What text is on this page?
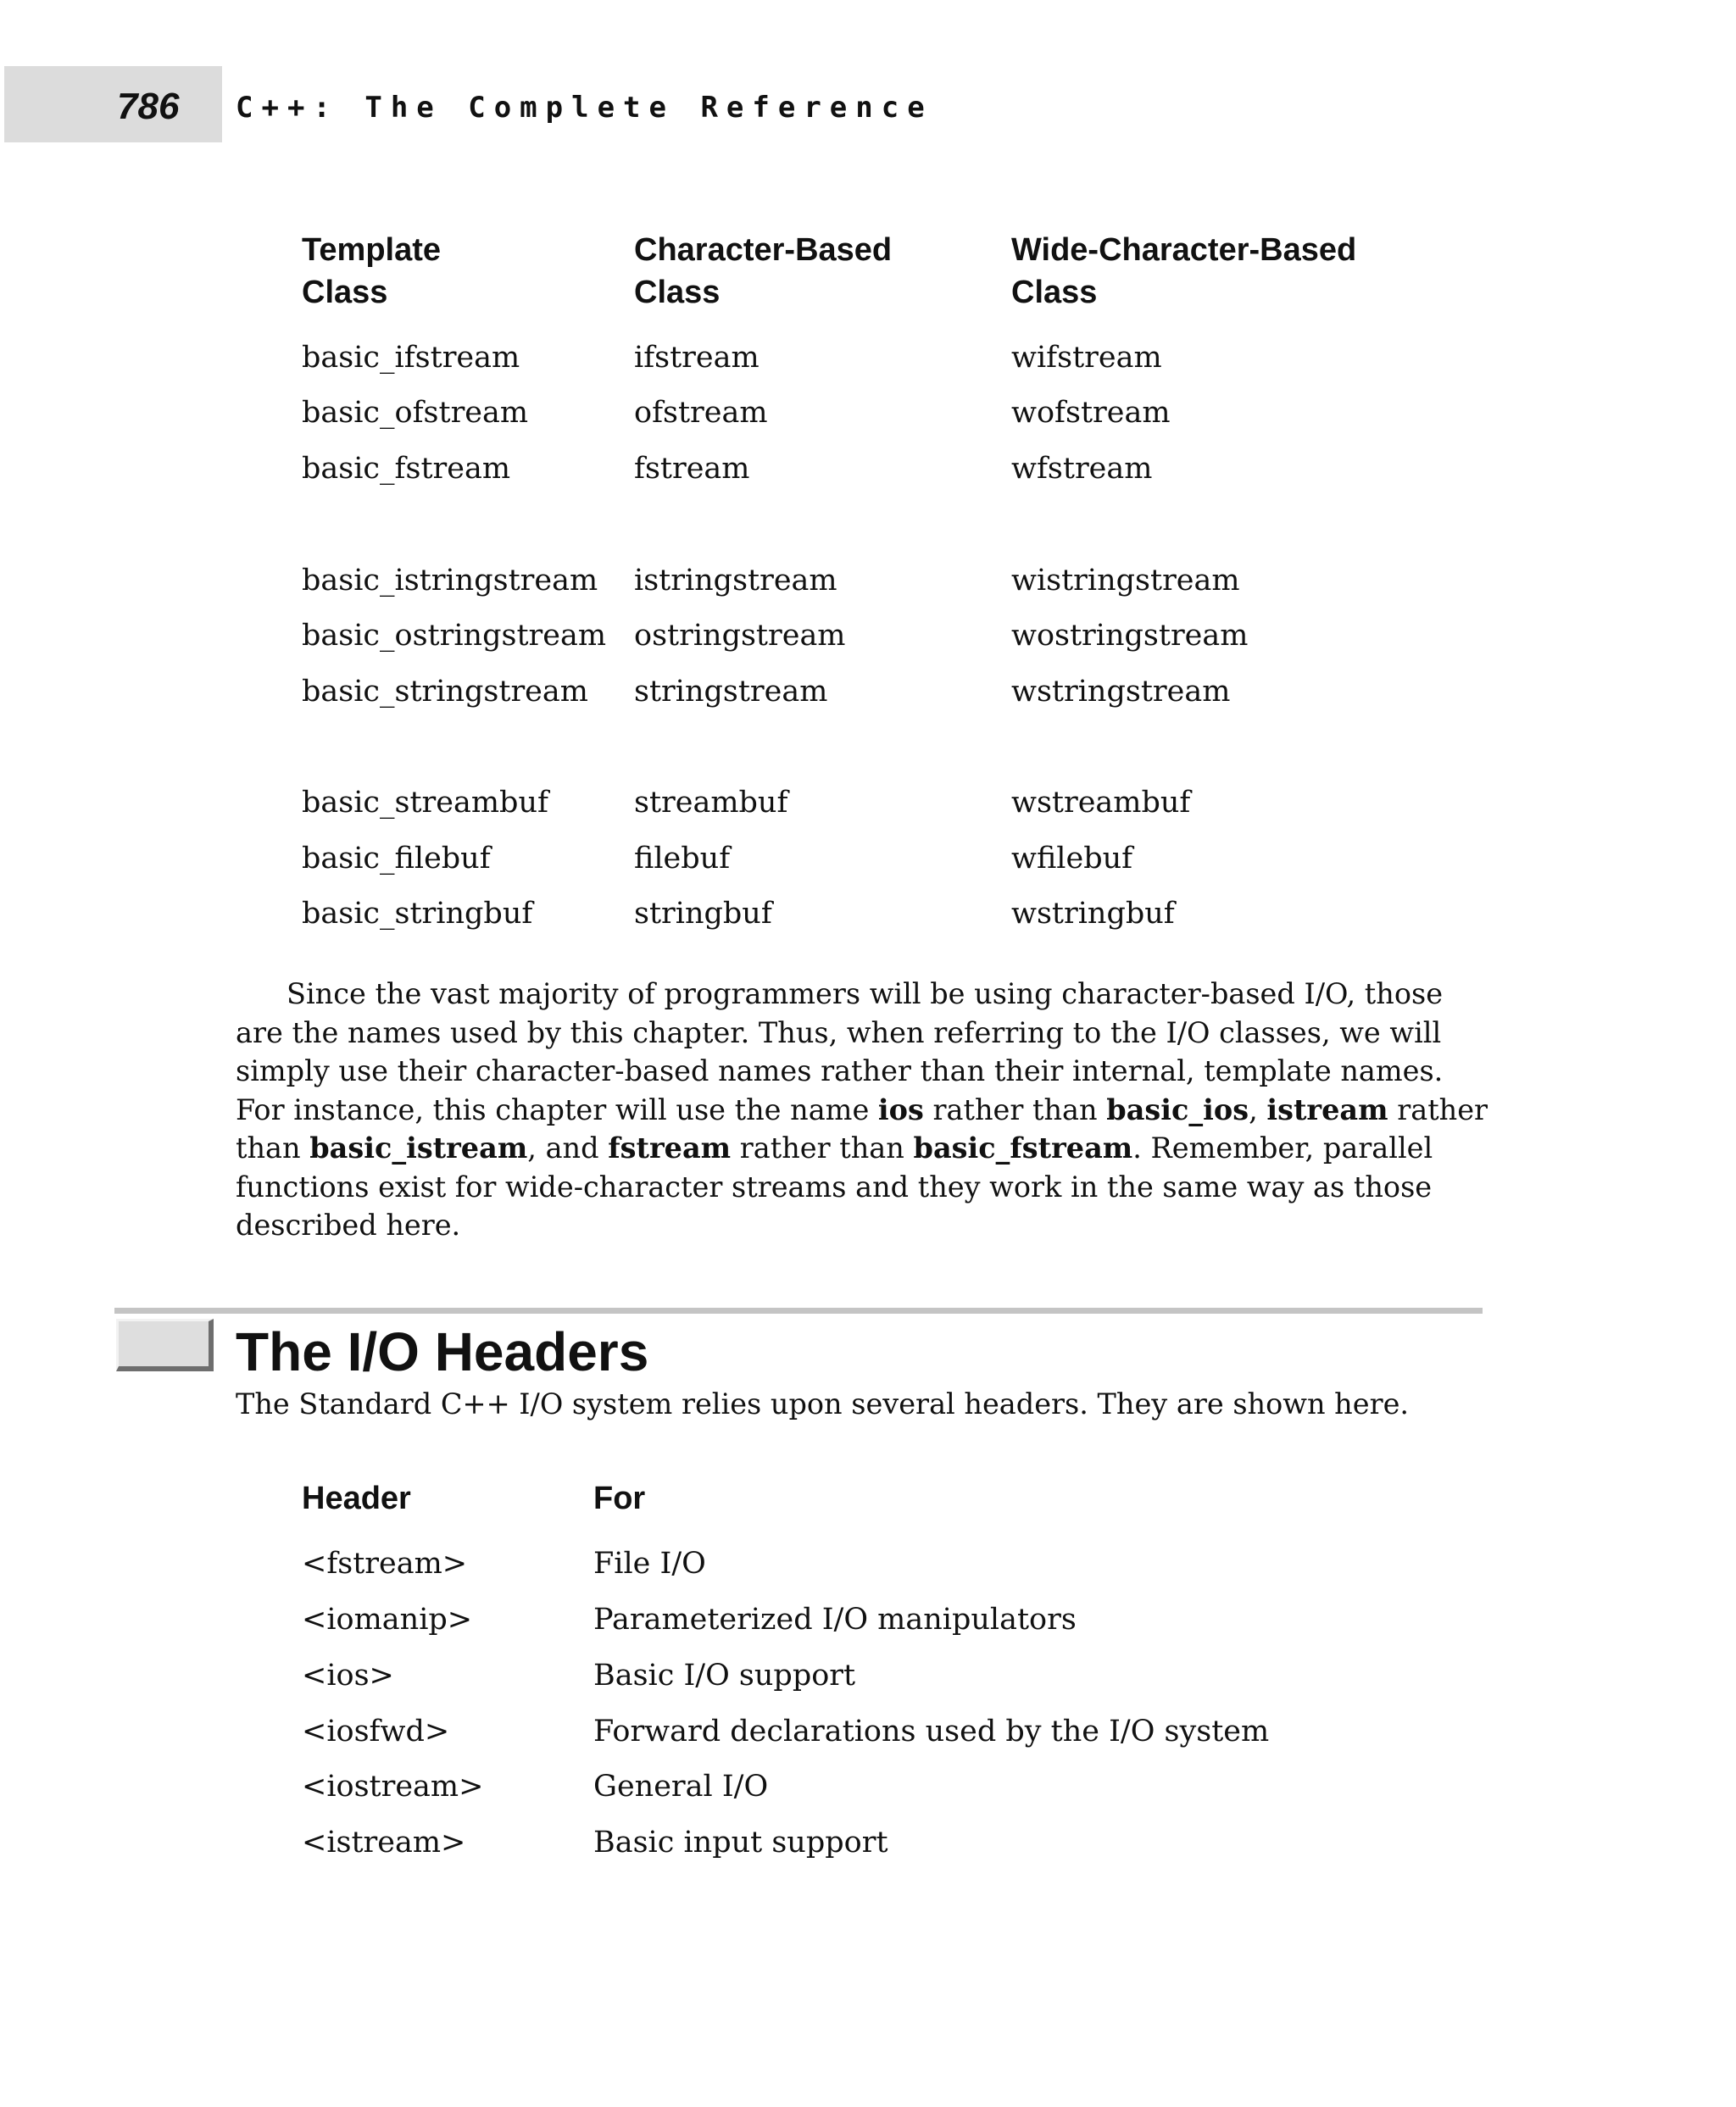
786 C++: The Complete Reference
Template
Class
Character-Based
Class
Wide-Character-Based
Class
basic_ifstream	ifstream	wifstream
basic_ofstream	ofstream	wofstream
basic_fstream	fstream	wfstream
basic_istringstream istringstream	wistringstream
basic_ostringstream ostringstream	wostringstream
basic_stringstream stringstream	wstringstream
basic_streambuf	streambuf	wstreambuf
basic_filebuf	filebuf	wfilebuf
basic_stringbuf	stringbuf	wstringbuf

Since the vast majority of programmers will be using character-based I/O, those
are the names used by this chapter. Thus, when referring to the I/O classes, we will
simply use their character-based names rather than their internal, template names.
For instance, this chapter will use the name ios rather than basic_ios, istream rather
than basic_istream, and fstream rather than basic_fstream. Remember, parallel
functions exist for wide-character streams and they work in the same way as those
described here.

The I/O Headers
The Standard C++ I/O system relies upon several headers. They are shown here.
Header	For
<fstream>	File I/O
<iomanip>	Parameterized I/O manipulators
<ios>	Basic I/O support
<iosfwd>	Forward declarations used by the I/O system
<iostream>	General I/O
<istream>	Basic input support
